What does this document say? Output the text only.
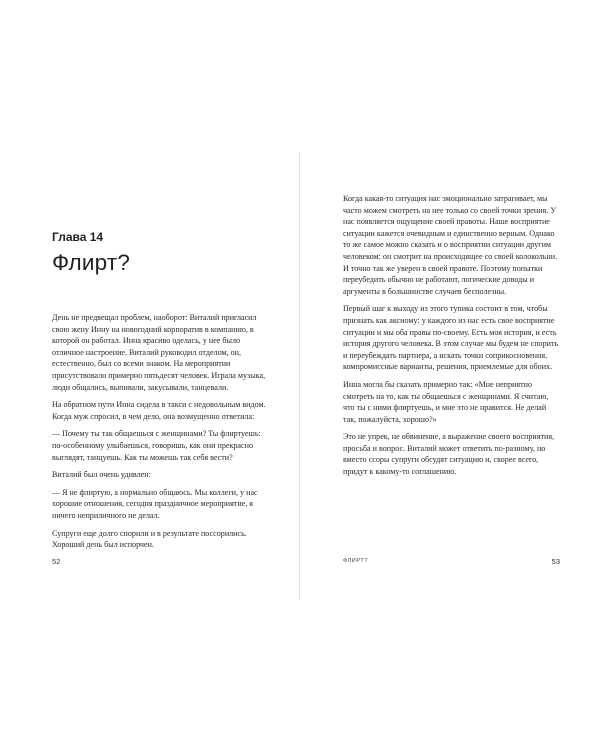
Глава 14
Флирт?

День не предвещал проблем, наоборот: Виталий пригласил свою жену Инну на новогодний корпоратив в компанию, в которой он работал. Инна красиво оделась, у нее было отличное настроение. Виталий руководил отделом, он, естественно, был со всеми знаком. На мероприятии присутствовало примерно пятьдесят человек. Играла музыка, люди общались, выпивали, закусывали, танцевали.

На обратном пути Инна сидела в такси с недовольным видом. Когда муж спросил, в чем дело, она возмущенно ответила:

— Почему ты так общаешься с женщинами? Ты флиртуешь: по-особенному улыбаешься, говоришь, как они прекрасно выглядят, танцуешь. Как ты можешь так себя вести?

Виталий был очень удивлен:

— Я не флиртую, а нормально общаюсь. Мы коллеги, у нас хорошие отношения, сегодня праздничное мероприятие, я ничего неприличного не делал.

Супруги еще долго спорили и в результате поссорились. Хороший день был испорчен.

52

Когда какая-то ситуация нас эмоционально затрагивает, мы часто можем смотреть на нее только со своей точки зрения. У нас появляется ощущение своей правоты. Наше восприятие ситуации кажется очевидным и единственно верным. Однако то же самое можно сказать и о восприятии ситуации другим человеком: он смотрит на происходящее со своей колокольни. И точно так же уверен в своей правоте. Поэтому попытки переубедить обычно не работают, логические доводы и аргументы в большинстве случаев бесполезны.

Первый шаг к выходу из этого тупика состоит в том, чтобы признать как аксиому: у каждого из нас есть свое восприятие ситуации и мы оба правы по-своему. Есть моя история, и есть история другого человека. В этом случае мы будем не спорить и переубеждать партнера, а искать точки соприкосновения, компромиссные варианты, решения, приемлемые для обоих.

Инна могла бы сказать примерно так: «Мне неприятно смотреть на то, как ты общаешься с женщинами. Я считаю, что ты с ними флиртуешь, и мне это не нравится. Не делай так, пожалуйста, хорошо?»

Это не упрек, не обвинение, а выражение своего восприятия, просьба и вопрос. Виталий может ответить по-разному, но вместо ссоры супруги обсудят ситуацию и, скорее всего, придут к какому-то соглашению.

ФЛИРТ?	53
